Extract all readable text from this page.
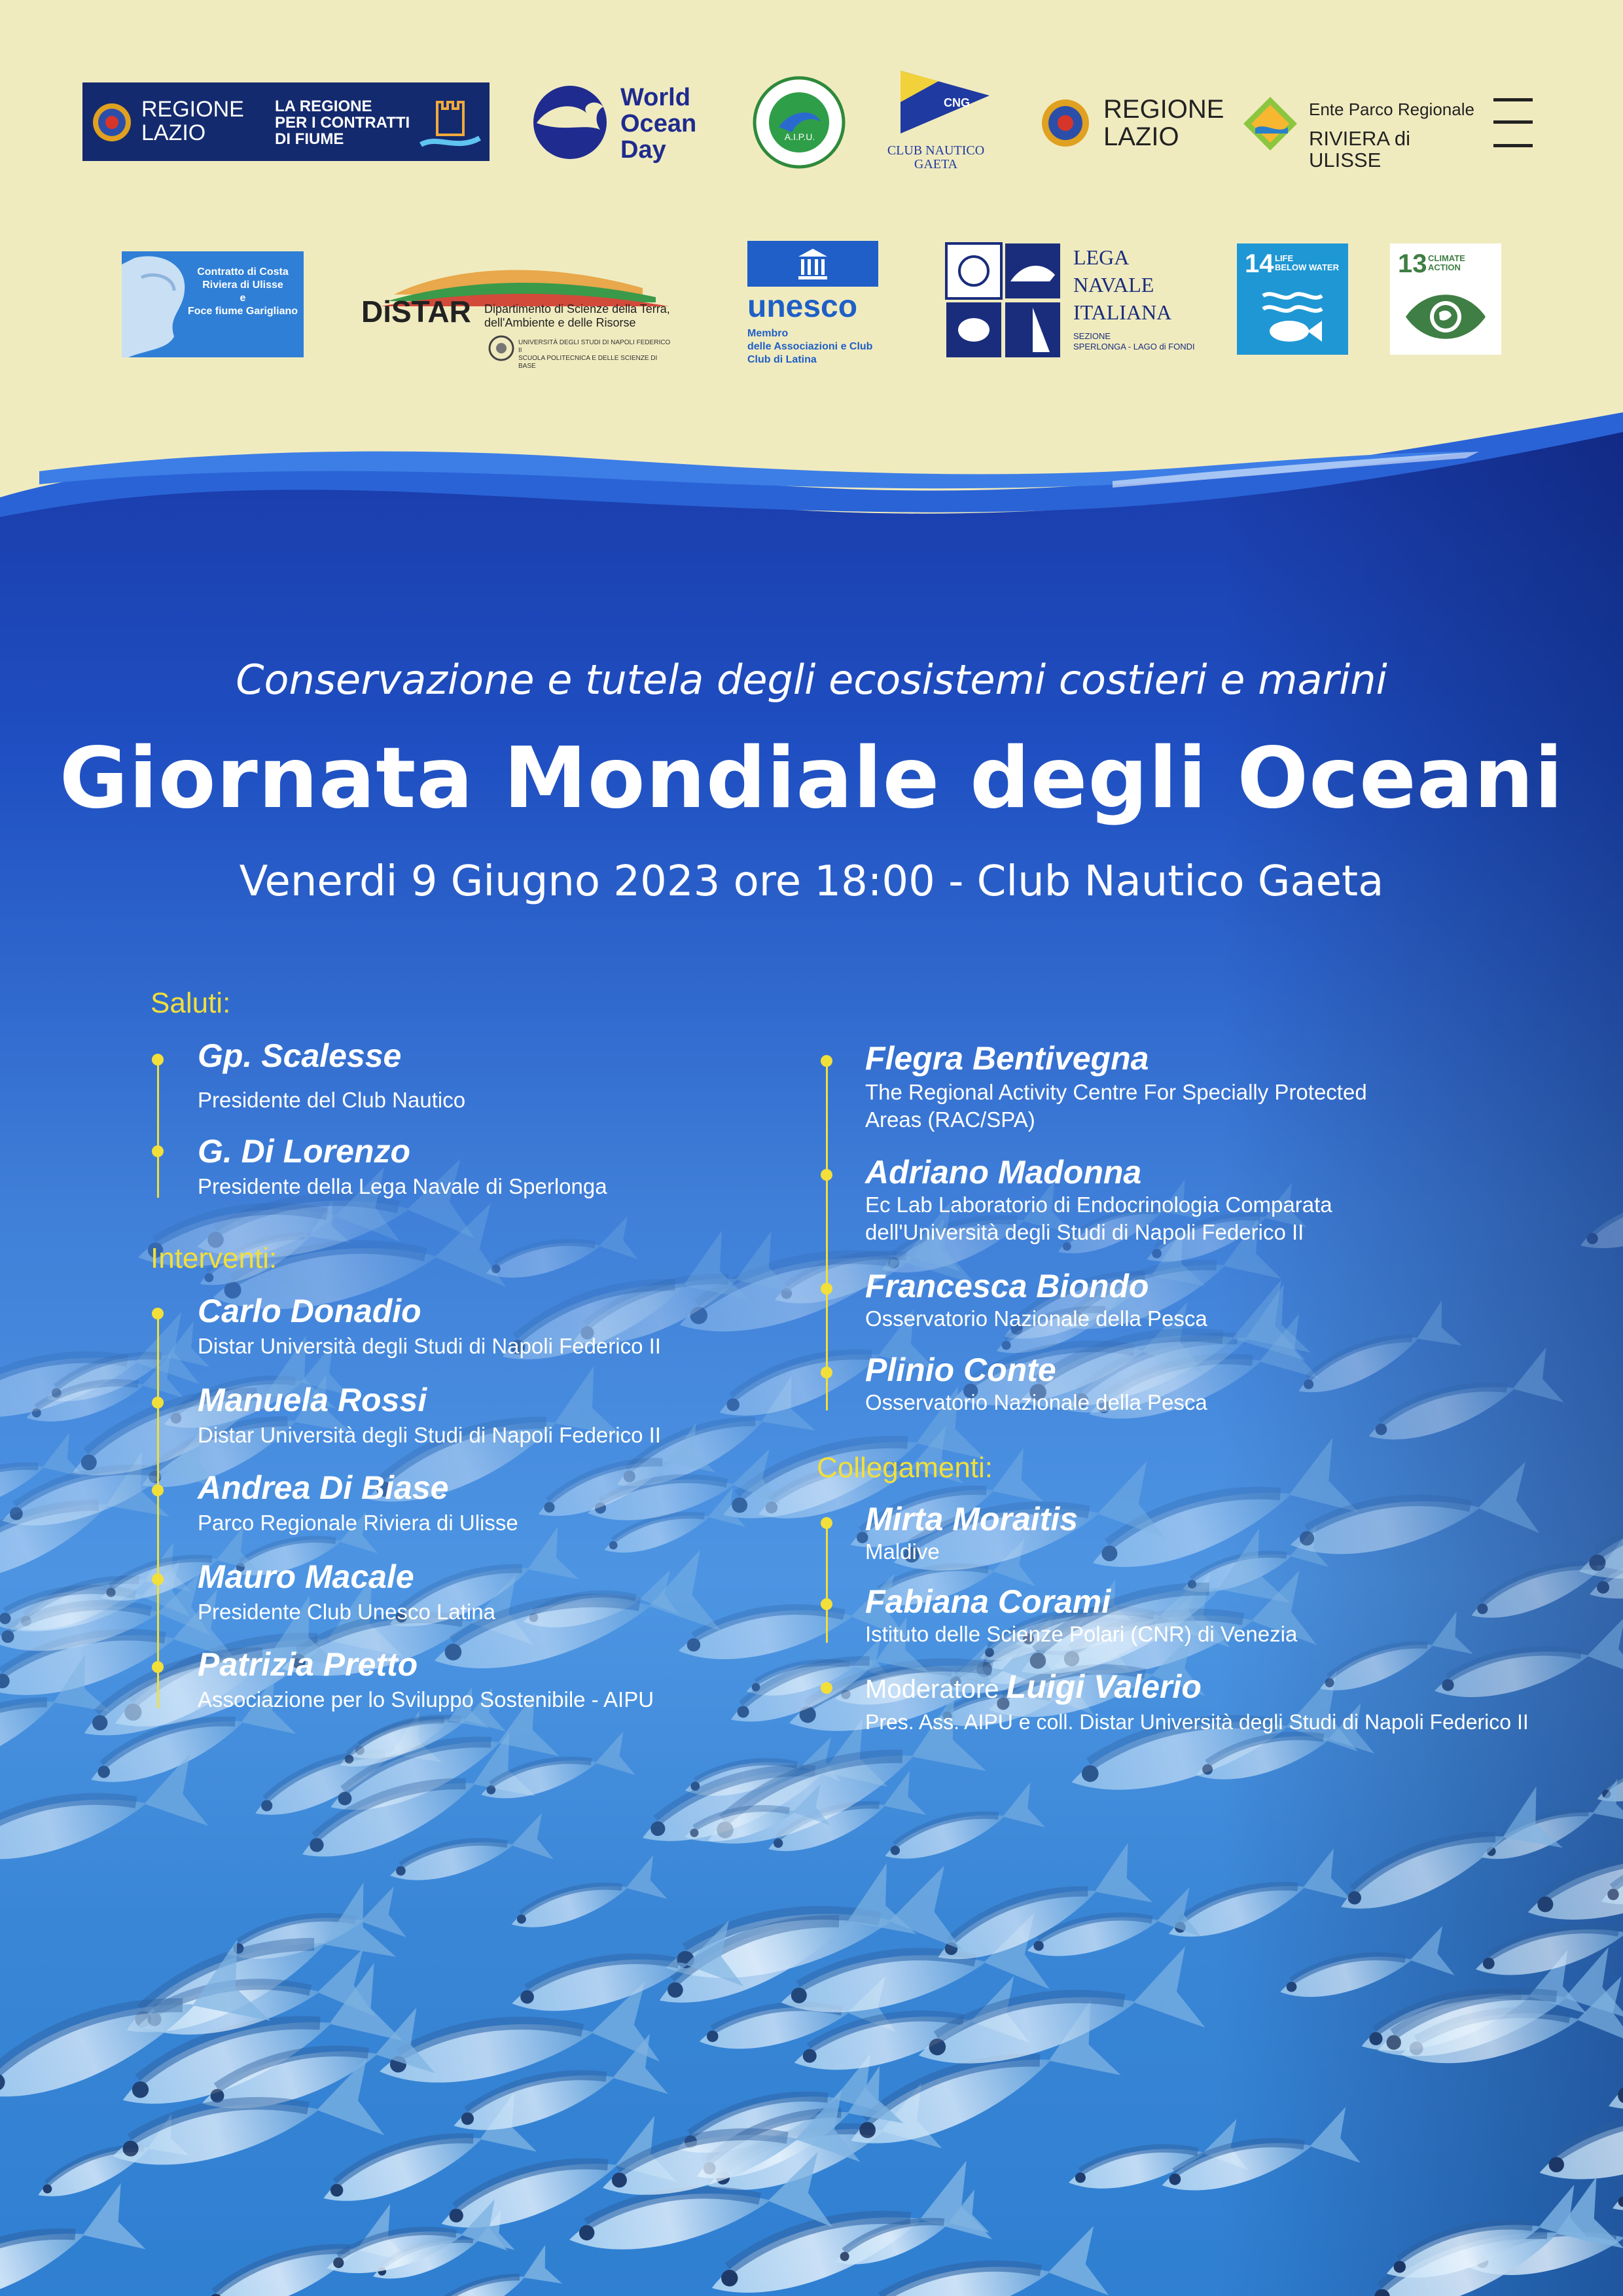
REGIONE
LAZIO
LA REGIONE
PER I CONTRATTI
DI FIUME
World
Ocean
Day	A.I.P.U.
CNG
CLUB NAUTICO
GAETA
REGIONE
LAZIO
Ente Parco Regionale
RIVIERA di ULISSE
Contratto di Costa
Riviera di Ulisse
e
Foce fiume Garigliano DiSTAR Dipartimento di Scienze della Terra,
dell'Ambiente e delle Risorse
UNIVERSITÀ DEGLI STUDI DI NAPOLI FEDERICO II
SCUOLA POLITECNICA E DELLE SCIENZE DI BASE
unesco
Membro
delle Associazioni e Club
Club di Latina
LEGA
NAVALE
ITALIANA
SEZIONE
SPERLONGA - LAGO di FONDI
14 LIFE
BELOW WATER 13 CLIMATE
ACTION
Conservazione e tutela degli ecosistemi costieri e marini
Giornata Mondiale degli Oceani
Venerdi 9 Giugno 2023 ore 18:00 - Club Nautico Gaeta
Saluti:
Gp. Scalesse
Presidente del Club Nautico
G. Di Lorenzo
Presidente della Lega Navale di Sperlonga
Interventi:
Carlo Donadio
Distar Università degli Studi di Napoli Federico II
Manuela Rossi
Distar Università degli Studi di Napoli Federico II
Andrea Di Biase
Parco Regionale Riviera di Ulisse
Mauro Macale
Presidente Club Unesco Latina
Patrizia Pretto
Associazione per lo Sviluppo Sostenibile - AIPU
Flegra Bentivegna
The Regional Activity Centre For Specially Protected
Areas (RAC/SPA)
Adriano Madonna
Ec Lab Laboratorio di Endocrinologia Comparata
dell'Università degli Studi di Napoli Federico II
Francesca Biondo
Osservatorio Nazionale della Pesca
Plinio Conte
Osservatorio Nazionale della Pesca
Collegamenti:
Mirta Moraitis
Maldive
Fabiana Corami
Istituto delle Scienze Polari (CNR) di Venezia
Moderatore Luigi Valerio
Pres. Ass. AIPU e coll. Distar Università degli Studi di Napoli Federico II
